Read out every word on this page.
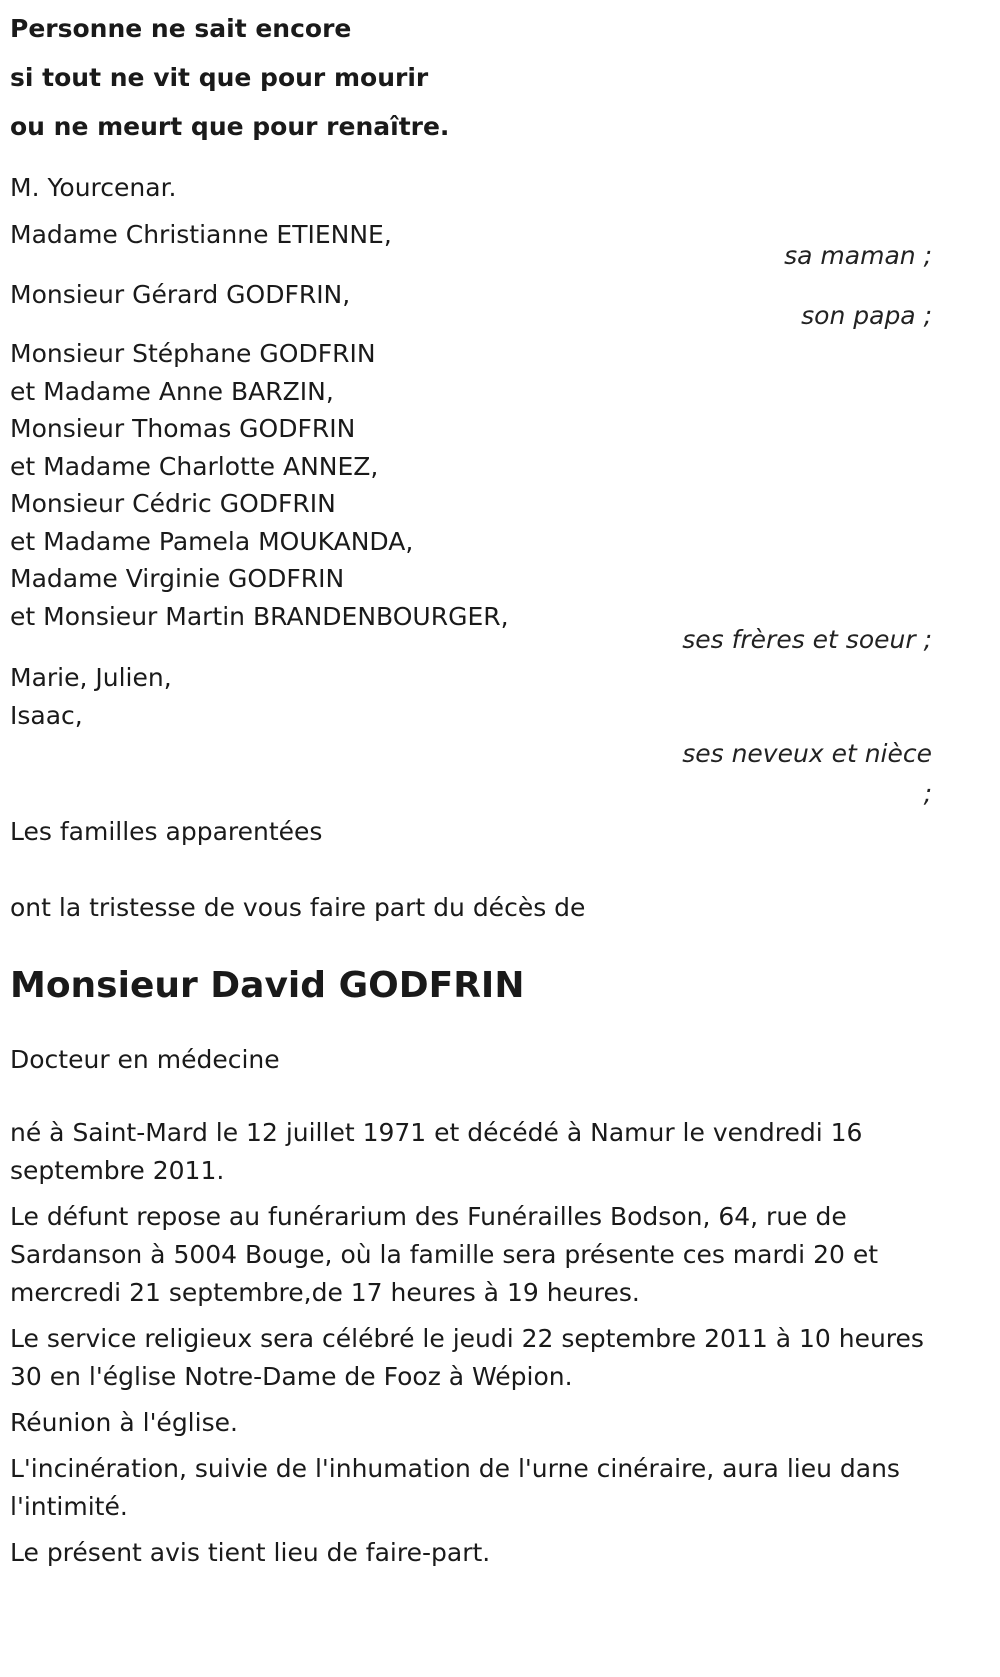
Personne ne sait encore
si tout ne vit que pour mourir
ou ne meurt que pour renaître.
M. Yourcenar.
Madame Christianne ETIENNE,
sa maman ;
Monsieur Gérard GODFRIN,
son papa ;
Monsieur Stéphane GODFRIN
et Madame Anne BARZIN,
Monsieur Thomas GODFRIN
et Madame Charlotte ANNEZ,
Monsieur Cédric GODFRIN
et Madame Pamela MOUKANDA,
Madame Virginie GODFRIN
et Monsieur Martin BRANDENBOURGER,
ses frères et soeur ;
Marie, Julien,
Isaac,
ses neveux et nièce
;
Les familles apparentées
ont la tristesse de vous faire part du décès de
Monsieur David GODFRIN
Docteur en médecine
né à Saint-Mard le 12 juillet 1971 et décédé à Namur le vendredi 16 septembre 2011.
Le défunt repose au funérarium des Funérailles Bodson, 64, rue de Sardanson à 5004 Bouge, où la famille sera présente ces mardi 20 et mercredi 21 septembre,de 17 heures à 19 heures.
Le service religieux sera célébré le jeudi 22 septembre 2011 à 10 heures 30 en l'église Notre-Dame de Fooz à Wépion.
Réunion à l'église.
L'incinération, suivie de l'inhumation de l'urne cinéraire, aura lieu dans l'intimité.
Le présent avis tient lieu de faire-part.
